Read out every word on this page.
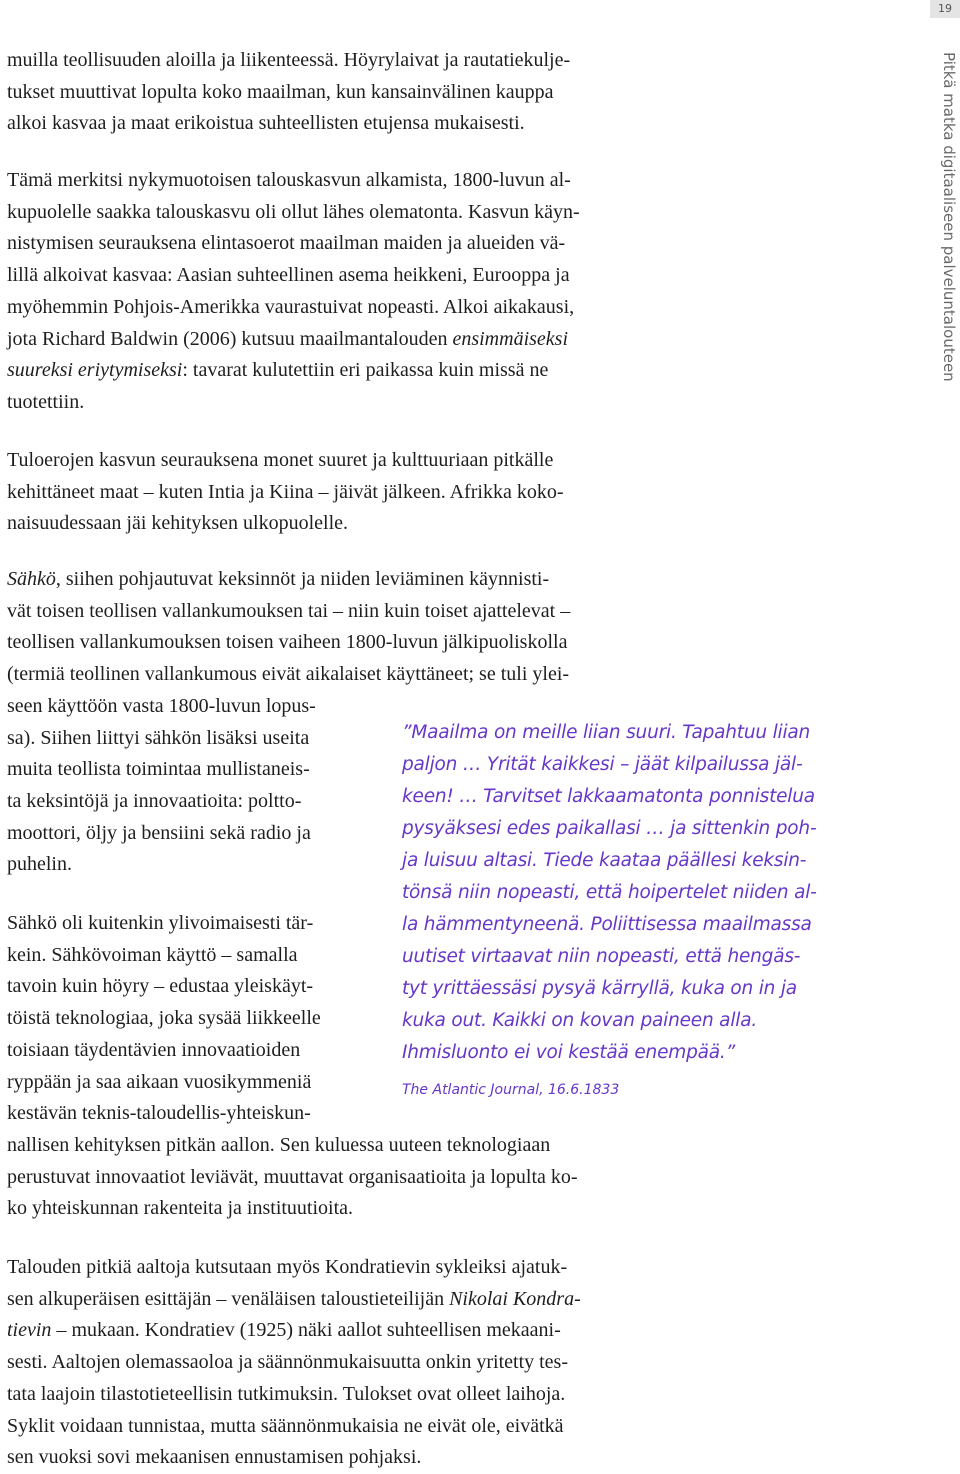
19
Pitkä matka digitaaliseen palveluntalouteen
muilla teollisuuden aloilla ja liikenteessä. Höyrylaivat ja rautatiekulje-
tukset muuttivat lopulta koko maailman, kun kansainvälinen kauppa
alkoi kasvaa ja maat erikoistua suhteellisten etujensa mukaisesti.
Tämä merkitsi nykymuotoisen talouskasvun alkamista, 1800-luvun al-
kupuolelle saakka talouskasvu oli ollut lähes olematonta. Kasvun käyn-
nistymisen seurauksena elintasoerot maailman maiden ja alueiden vä-
lillä alkoivat kasvaa: Aasian suhteellinen asema heikkeni, Eurooppa ja
myöhemmin Pohjois-Amerikka vaurastuivat nopeasti. Alkoi aikakausi,
jota Richard Baldwin (2006) kutsuu maailmantalouden ensimmäiseksi
suureksi eriytymiseksi: tavarat kulutettiin eri paikassa kuin missä ne
tuotettiin.
Tuloerojen kasvun seurauksena monet suuret ja kulttuuriaan pitkälle
kehittäneet maat – kuten Intia ja Kiina – jäivät jälkeen. Afrikka koko-
naisuudessaan jäi kehityksen ulkopuolelle.
Sähkö, siihen pohjautuvat keksinnöt ja niiden leviäminen käynnisti-
vät toisen teollisen vallankumouksen tai – niin kuin toiset ajattelevat –
teollisen vallankumouksen toisen vaiheen 1800-luvun jälkipuoliskolla
(termiä teollinen vallankumous eivät aikalaiset käyttäneet; se tuli ylei-
seen käyttöön vasta 1800-luvun lopus-
sa). Siihen liittyi sähkön lisäksi useita
muita teollista toimintaa mullistaneis-
ta keksintöjä ja innovaatioita: poltto-
moottori, öljy ja bensiini sekä radio ja
puhelin.
Sähkö oli kuitenkin ylivoimaisesti tär-
kein. Sähkövoiman käyttö – samalla
tavoin kuin höyry – edustaa yleiskäyt-
töistä teknologiaa, joka sysää liikkeelle
toisiaan täydentävien innovaatioiden
ryppään ja saa aikaan vuosikymmeniä
kestävän teknis-taloudellis-yhteiskun-
nallisen kehityksen pitkän aallon. Sen kuluessa uuteen teknologiaan
perustuvat innovaatiot leviävät, muuttavat organisaatioita ja lopulta ko-
ko yhteiskunnan rakenteita ja instituutioita.
Talouden pitkiä aaltoja kutsutaan myös Kondratievin sykleiksi ajatuk-
sen alkuperäisen esittäjän – venäläisen taloustieteilijän Nikolai Kondra-
tievin – mukaan. Kondratiev (1925) näki aallot suhteellisen mekaani-
sesti. Aaltojen olemassaoloa ja säännönmukaisuutta onkin yritetty tes-
tata laajoin tilastotieteellisin tutkimuksin. Tulokset ovat olleet laihoja.
Syklit voidaan tunnistaa, mutta säännönmukaisia ne eivät ole, eivätkä
sen vuoksi sovi mekaanisen ennustamisen pohjaksi.
”Maailma on meille liian suuri. Tapahtuu liian
paljon … Yrität kaikkesi – jäät kilpailussa jäl-
keen! … Tarvitset lakkaamatonta ponnistelua
pysyäksesi edes paikallasi … ja sittenkin poh-
ja luisuu altasi. Tiede kaataa päällesi keksin-
tönsä niin nopeasti, että hoipertelet niiden al-
la hämmentyneenä. Poliittisessa maailmassa
uutiset virtaavat niin nopeasti, että hengäs-
tyt yrittäessäsi pysyä kärryllä, kuka on in ja
kuka out. Kaikki on kovan paineen alla.
Ihmisluonto ei voi kestää enempää.”
The Atlantic Journal, 16.6.1833
